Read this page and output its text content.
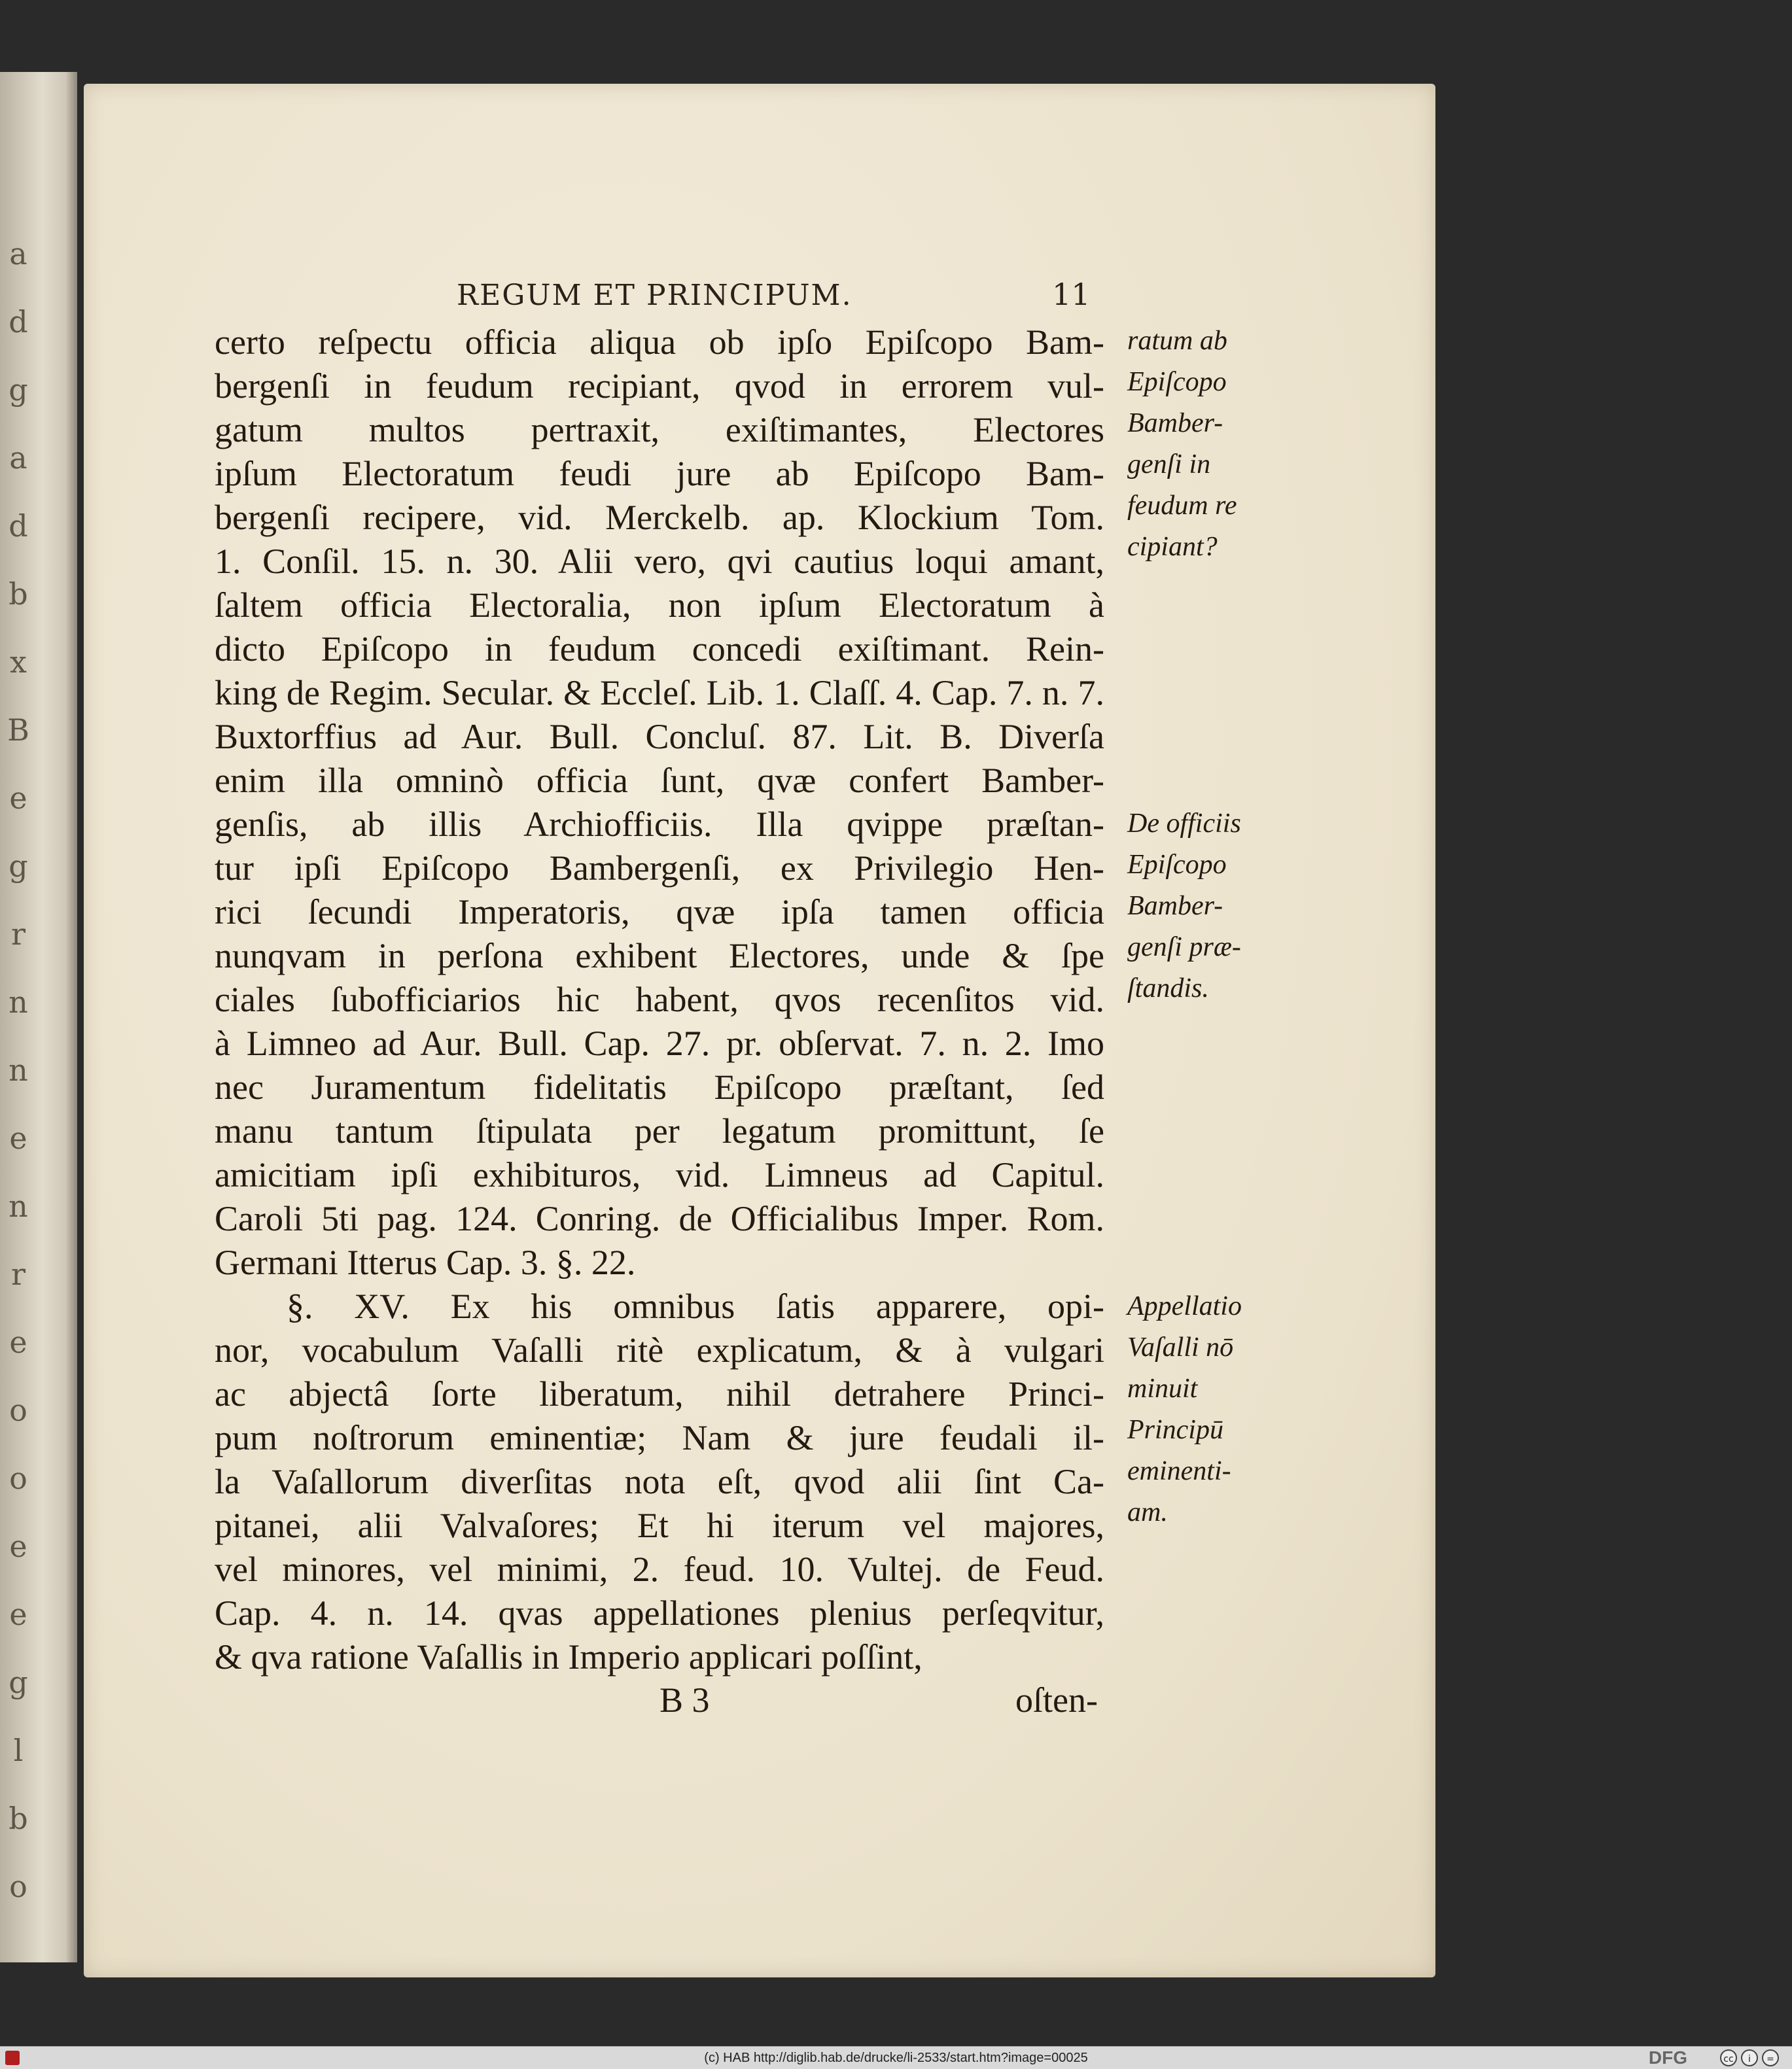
a
d
g
a
d
b
x
B
e
g
r
n
n
e
n
r
e
o
o
e
e
g
l
b
o
REGUM ET PRINCIPUM.	11
certo reſpectu officia aliqua ob ipſo Epiſcopo Bam-
bergenſi in feudum recipiant, qvod in errorem vul-
gatum multos pertraxit, exiſtimantes, Electores
ipſum Electoratum feudi jure ab Epiſcopo Bam-
bergenſi recipere, vid. Merckelb. ap. Klockium Tom.
1. Conſil. 15. n. 30. Alii vero, qvi cautius loqui amant,
ſaltem officia Electoralia, non ipſum Electoratum à
dicto Epiſcopo in feudum concedi exiſtimant. Rein-
king de Regim. Secular. & Eccleſ. Lib. 1. Claſſ. 4. Cap. 7. n. 7.
Buxtorffius ad Aur. Bull. Concluſ. 87. Lit. B. Diverſa
enim illa omninò officia ſunt, qvæ confert Bamber-
genſis, ab illis Archiofficiis. Illa qvippe præſtan-
tur ipſi Epiſcopo Bambergenſi, ex Privilegio Hen-
rici ſecundi Imperatoris, qvæ ipſa tamen officia
nunqvam in perſona exhibent Electores, unde & ſpe
ciales ſubofficiarios hic habent, qvos recenſitos vid.
à Limneo ad Aur. Bull. Cap. 27. pr. obſervat. 7. n. 2. Imo
nec Juramentum fidelitatis Epiſcopo præſtant, ſed
manu tantum ſtipulata per legatum promittunt, ſe
amicitiam ipſi exhibituros, vid. Limneus ad Capitul.
Caroli 5ti pag. 124. Conring. de Officialibus Imper. Rom.
Germani Itterus Cap. 3. §. 22.
§. XV. Ex his omnibus ſatis apparere, opi-
nor, vocabulum Vaſalli ritè explicatum, & à vulgari
ac abjectâ ſorte liberatum, nihil detrahere Princi-
pum noſtrorum eminentiæ; Nam & jure feudali il-
la Vaſallorum diverſitas nota eſt, qvod alii ſint Ca-
pitanei, alii Valvaſores; Et hi iterum vel majores,
vel minores, vel minimi, 2. feud. 10. Vultej. de Feud.
Cap. 4. n. 14. qvas appellationes plenius perſeqvitur,
& qva ratione Vaſallis in Imperio applicari poſſint,
ratum ab
Epiſcopo
Bamber-
genſi in
feudum re
cipiant?
De officiis
Epiſcopo
Bamber-
genſi præ-
ſtandis.
Appellatio
Vaſalli nō
minuit
Principū
eminenti-
am.
B 3	oſten-
(c) HAB http://diglib.hab.de/drucke/li-2533/start.htm?image=00025	DFG	cc	i	=
